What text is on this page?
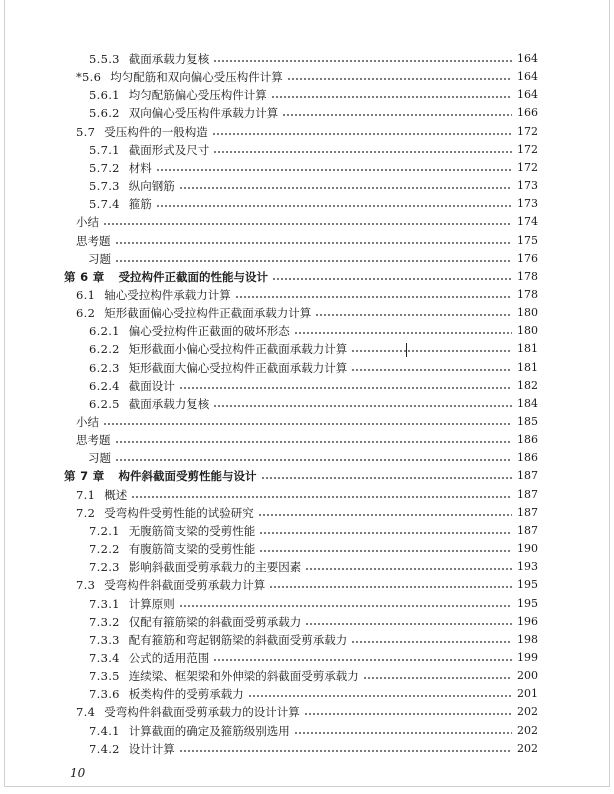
5.5.3 截面承载力复核	164
*5.6 均匀配筋和双向偏心受压构件计算	164
5.6.1 均匀配筋偏心受压构件计算	164
5.6.2 双向偏心受压构件承载力计算	166
5.7 受压构件的一般构造	172
5.7.1 截面形式及尺寸	172
5.7.2 材料	172
5.7.3 纵向钢筋	173
5.7.4 箍筋	173
小结	174
思考题	175
习题	176
第 6 章	受拉构件正截面的性能与设计	178
6.1 轴心受拉构件承载力计算	178
6.2 矩形截面偏心受拉构件正截面承载力计算	180
6.2.1 偏心受拉构件正截面的破坏形态	180
6.2.2 矩形截面小偏心受拉构件正截面承载力计算	181
6.2.3 矩形截面大偏心受拉构件正截面承载力计算	181
6.2.4 截面设计	182
6.2.5 截面承载力复核	184
小结	185
思考题	186
习题	186
第 7 章	构件斜截面受剪性能与设计	187
7.1 概述	187
7.2 受弯构件受剪性能的试验研究	187
7.2.1 无腹筋简支梁的受剪性能	187
7.2.2 有腹筋简支梁的受剪性能	190
7.2.3 影响斜截面受剪承载力的主要因素	193
7.3 受弯构件斜截面受剪承载力计算	195
7.3.1 计算原则	195
7.3.2 仅配有箍筋梁的斜截面受剪承载力	196
7.3.3 配有箍筋和弯起钢筋梁的斜截面受剪承载力	198
7.3.4 公式的适用范围	199
7.3.5 连续梁、框架梁和外伸梁的斜截面受剪承载力	200
7.3.6 板类构件的受剪承载力	201
7.4 受弯构件斜截面受剪承载力的设计计算	202
7.4.1 计算截面的确定及箍筋级别选用	202
7.4.2 设计计算	202
10
